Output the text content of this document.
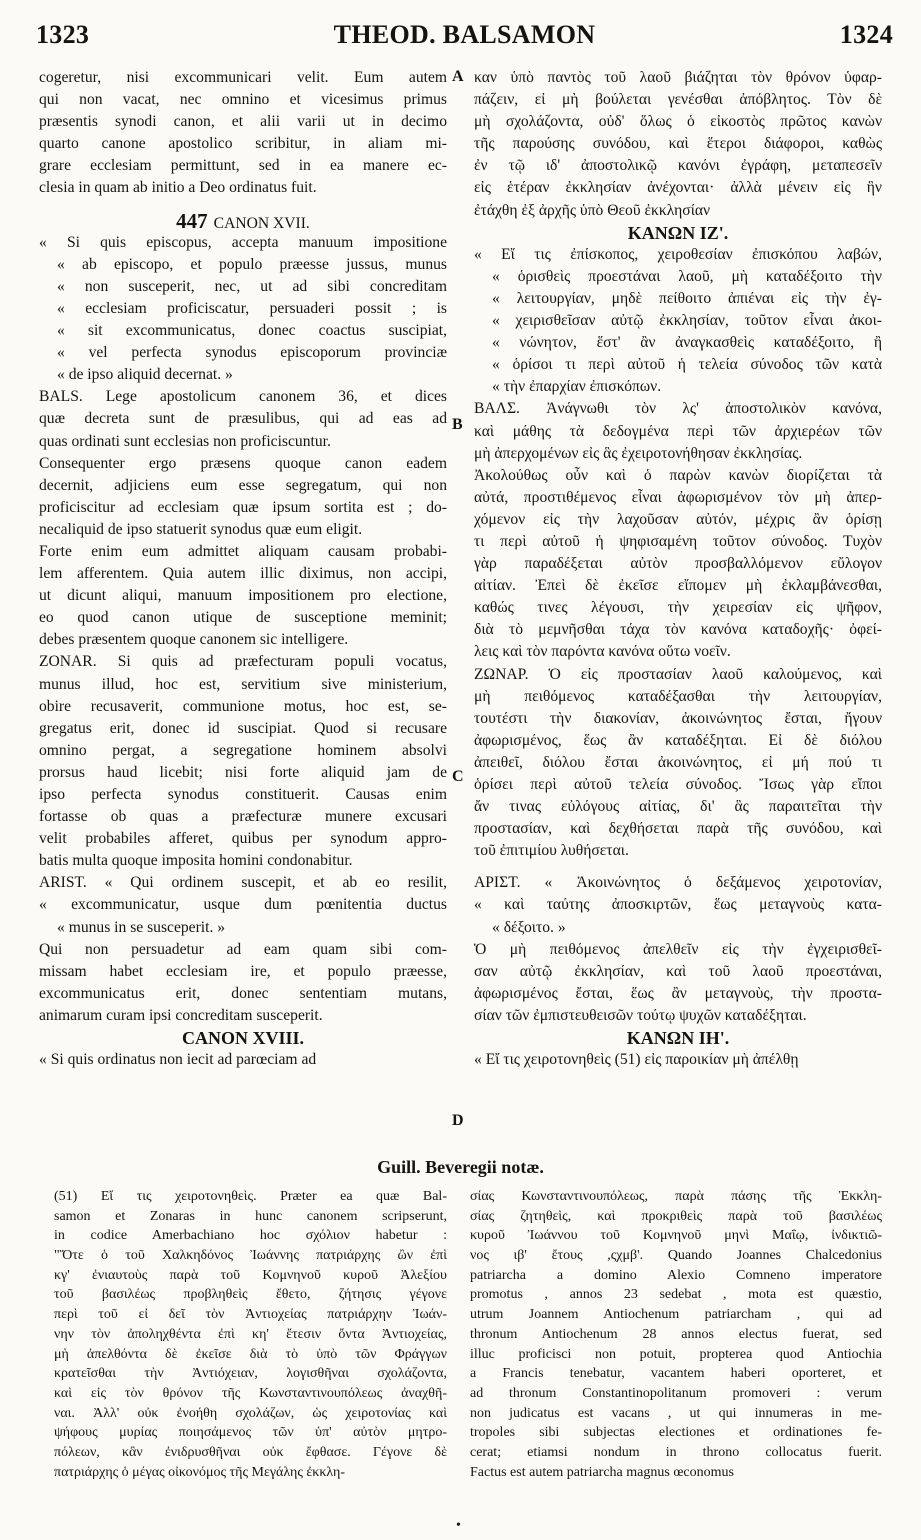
1323	THEOD. BALSAMON	1324
cogeretur, nisi excommunicari velit. Eum autem
qui non vacat, nec omnino et vicesimus primus
præsentis synodi canon, et alii varii ut in decimo
quarto canone apostolico scribitur, in aliam mi-
grare ecclesiam permittunt, sed in ea manere ec-
clesia in quam ab initio a Deo ordinatus fuit.
447 CANON XVII.
« Si quis episcopus, accepta manuum impositione
« ab episcopo, et populo præesse jussus, munus
« non susceperit, nec, ut ad sibi concreditam
« ecclesiam proficiscatur, persuaderi possit ; is
« sit excommunicatus, donec coactus suscipiat,
« vel perfecta synodus episcoporum provinciæ
« de ipso aliquid decernat. »
BALS. Lege apostolicum canonem 36, et dices
quæ decreta sunt de præsulibus, qui ad eas ad
quas ordinati sunt ecclesias non proficiscuntur.
Consequenter ergo præsens quoque canon eadem
decernit, adjiciens eum esse segregatum, qui non
proficiscitur ad ecclesiam quæ ipsum sortita est ; do-
necaliquid de ipso statuerit synodus quæ eum eligit.
Forte enim eum admittet aliquam causam probabi-
lem afferentem. Quia autem illic diximus, non accipi,
ut dicunt aliqui, manuum impositionem pro electione,
eo quod canon utique de susceptione meminit;
debes præsentem quoque canonem sic intelligere.
ZONAR. Si quis ad præfecturam populi vocatus,
munus illud, hoc est, servitium sive ministerium,
obire recusaverit, communione motus, hoc est, se-
gregatus erit, donec id suscipiat. Quod si recusare
omnino pergat, a segregatione hominem absolvi
prorsus haud licebit; nisi forte aliquid jam de
ipso perfecta synodus constituerit. Causas enim
fortasse ob quas a præfecturæ munere excusari
velit probabiles afferet, quibus per synodum appro-
batis multa quoque imposita homini condonabitur.
ARIST. « Qui ordinem suscepit, et ab eo resilit,
« excommunicatur, usque dum pœnitentia ductus
« munus in se susceperit. »
Qui non persuadetur ad eam quam sibi com-
missam habet ecclesiam ire, et populo præesse,
excommunicatus erit, donec sententiam mutans,
animarum curam ipsi concreditam susceperit.
CANON XVIII.
« Si quis ordinatus non iecit ad parœciam ad
καν ὑπὸ παντὸς τοῦ λαοῦ βιάζηται τὸν θρόνον ὑφαρ-
πάζειν, εἰ μὴ βούλεται γενέσθαι ἀπόβλητος. Τὸν δὲ
μὴ σχολάζοντα, οὐδ' ὅλως ὁ εἰκοστὸς πρῶτος κανὼν
τῆς παρούσης συνόδου, καὶ ἕτεροι διάφοροι, καθὼς
ἐν τῷ ιδ' ἀποστολικῷ κανόνι ἐγράφη, μεταπεσεῖν
εἰς ἑτέραν ἐκκλησίαν ἀνέχονται· ἀλλὰ μένειν εἰς ἣν
ἐτάχθη ἐξ ἀρχῆς ὑπὸ Θεοῦ ἐκκλησίαν
ΚΑΝΩΝ ΙΖ'.
« Εἴ τις ἐπίσκοπος, χειροθεσίαν ἐπισκόπου λαβών,
« ὁρισθεὶς προεστάναι λαοῦ, μὴ καταδέξοιτο τὴν
« λειτουργίαν, μηδὲ πείθοιτο ἀπιέναι εἰς τὴν ἐγ-
« χειρισθεῖσαν αὐτῷ ἐκκλησίαν, τοῦτον εἶναι ἀκοι-
« νώνητον, ἕστ' ἂν ἀναγκασθεὶς καταδέξοιτο, ἢ
« ὁρίσοι τι περὶ αὐτοῦ ἡ τελεία σύνοδος τῶν κατὰ
« τὴν ἐπαρχίαν ἐπισκόπων.
ΒΑΛΣ. Ἀνάγνωθι τὸν λς' ἀποστολικὸν κανόνα,
καὶ μάθης τὰ δεδογμένα περὶ τῶν ἀρχιερέων τῶν
μὴ ἀπερχομένων εἰς ἃς ἐχειροτονήθησαν ἐκκλησίας.
Ἀκολούθως οὖν καὶ ὁ παρὼν κανὼν διορίζεται τὰ
αὐτά, προστιθέμενος εἶναι ἀφωρισμένον τὸν μὴ ἀπερ-
χόμενον εἰς τὴν λαχοῦσαν αὐτόν, μέχρις ἂν ὁρίσῃ
τι περὶ αὐτοῦ ἡ ψηφισαμένη τοῦτον σύνοδος. Τυχὸν
γὰρ παραδέξεται αὐτὸν προσβαλλόμενον εὔλογον
αἰτίαν. Ἐπεὶ δὲ ἐκεῖσε εἴπομεν μὴ ἐκλαμβάνεσθαι,
καθώς τινες λέγουσι, τὴν χειρεσίαν εἰς ψῆφον,
διὰ τὸ μεμνῆσθαι τάχα τὸν κανόνα καταδοχῆς· ὀφεί-
λεις καὶ τὸν παρόντα κανόνα οὕτω νοεῖν.
ΖΩΝΑΡ. Ὁ εἰς προστασίαν λαοῦ καλούμενος, καὶ
μὴ πειθόμενος καταδέξασθαι τὴν λειτουργίαν,
τουτέστι τὴν διακονίαν, ἀκοινώνητος ἔσται, ἤγουν
ἀφωρισμένος, ἕως ἂν καταδέξηται. Εἰ δὲ διόλου
ἀπειθεῖ, διόλου ἔσται ἀκοινώνητος, εἰ μή πού τι
ὁρίσει περὶ αὐτοῦ τελεία σύνοδος. Ἴσως γὰρ εἴποι
ἄν τινας εὐλόγους αἰτίας, δι' ἃς παραιτεῖται τὴν
προστασίαν, καὶ δεχθήσεται παρὰ τῆς συνόδου, καὶ
τοῦ ἐπιτιμίου λυθήσεται.
ΑΡΙΣΤ. « Ἀκοινώνητος ὁ δεξάμενος χειροτονίαν,
« καὶ ταύτης ἀποσκιρτῶν, ἕως μεταγνοὺς κατα-
« δέξοιτο. »
Ὁ μὴ πειθόμενος ἀπελθεῖν εἰς τὴν ἐγχειρισθεῖ-
σαν αὐτῷ ἐκκλησίαν, καὶ τοῦ λαοῦ προεστάναι,
ἀφωρισμένος ἔσται, ἕως ἂν μεταγνοὺς, τὴν προστα-
σίαν τῶν ἐμπιστευθεισῶν τούτῳ ψυχῶν καταδέξηται.
ΚΑΝΩΝ ΙΗ'.
« Εἴ τις χειροτονηθεὶς (51) εἰς παροικίαν μὴ ἀπέλθῃ
A
B
C
D
Guill. Beveregii notæ.
(51) Εἴ τις χειροτονηθεὶς. Præter ea quæ Bal-
samon et Zonaras in hunc canonem scripserunt,
in codice Amerbachiano hoc σχόλιον habetur :
"Ὅτε ὁ τοῦ Χαλκηδόνος Ἰωάννης πατριάρχης ὢν ἐπὶ
κγ' ἐνιαυτοὺς παρὰ τοῦ Κομνηνοῦ κυροῦ Ἀλεξίου
τοῦ βασιλέως προβληθεὶς ἔθετο, ζήτησις γέγονε
περὶ τοῦ εἰ δεῖ τὸν Ἀντιοχείας πατριάρχην Ἰωάν-
νην τὸν ἀποληχθέντα ἐπὶ κη' ἔτεσιν ὄντα Ἀντιοχείας,
μὴ ἀπελθόντα δὲ ἐκεῖσε διὰ τὸ ὑπὸ τῶν Φράγγων
κρατεῖσθαι τὴν Ἀντιόχειαν, λογισθῆναι σχολάζοντα,
καὶ εἰς τὸν θρόνον τῆς Κωνσταντινουπόλεως ἀναχθῆ-
ναι. Ἀλλ' οὐκ ἐνοήθη σχολάζων, ὡς χειροτονίας καὶ
ψήφους μυρίας ποιησάμενος τῶν ὑπ' αὐτὸν μητρο-
πόλεων, κἂν ἐνιδρυσθῆναι οὐκ ἔφθασε. Γέγονε δὲ
πατριάρχης ὁ μέγας οἰκονόμος τῆς Μεγάλης ἐκκλη-
σίας Κωνσταντινουπόλεως, παρὰ πάσης τῆς Ἐκκλη-
σίας ζητηθεὶς, καὶ προκριθεὶς παρὰ τοῦ βασιλέως
κυροῦ Ἰωάννου τοῦ Κομνηνοῦ μηνὶ Μαΐῳ, ἰνδικτιῶ-
νος ιβ' ἔτους ,ςχμβ'. Quando Joannes Chalcedonius
patriarcha a domino Alexio Comneno imperatore
promotus , annos 23 sedebat , mota est quæstio,
utrum Joannem Antiochenum patriarcham , qui ad
thronum Antiochenum 28 annos electus fuerat, sed
illuc proficisci non potuit, propterea quod Antiochia
a Francis tenebatur, vacantem haberi oporteret, et
ad thronum Constantinopolitanum promoveri : verum
non judicatus est vacans , ut qui innumeras in me-
tropoles sibi subjectas electiones et ordinationes fe-
cerat; etiamsi nondum in throno collocatus fuerit.
Factus est autem patriarcha magnus œconomus
•
